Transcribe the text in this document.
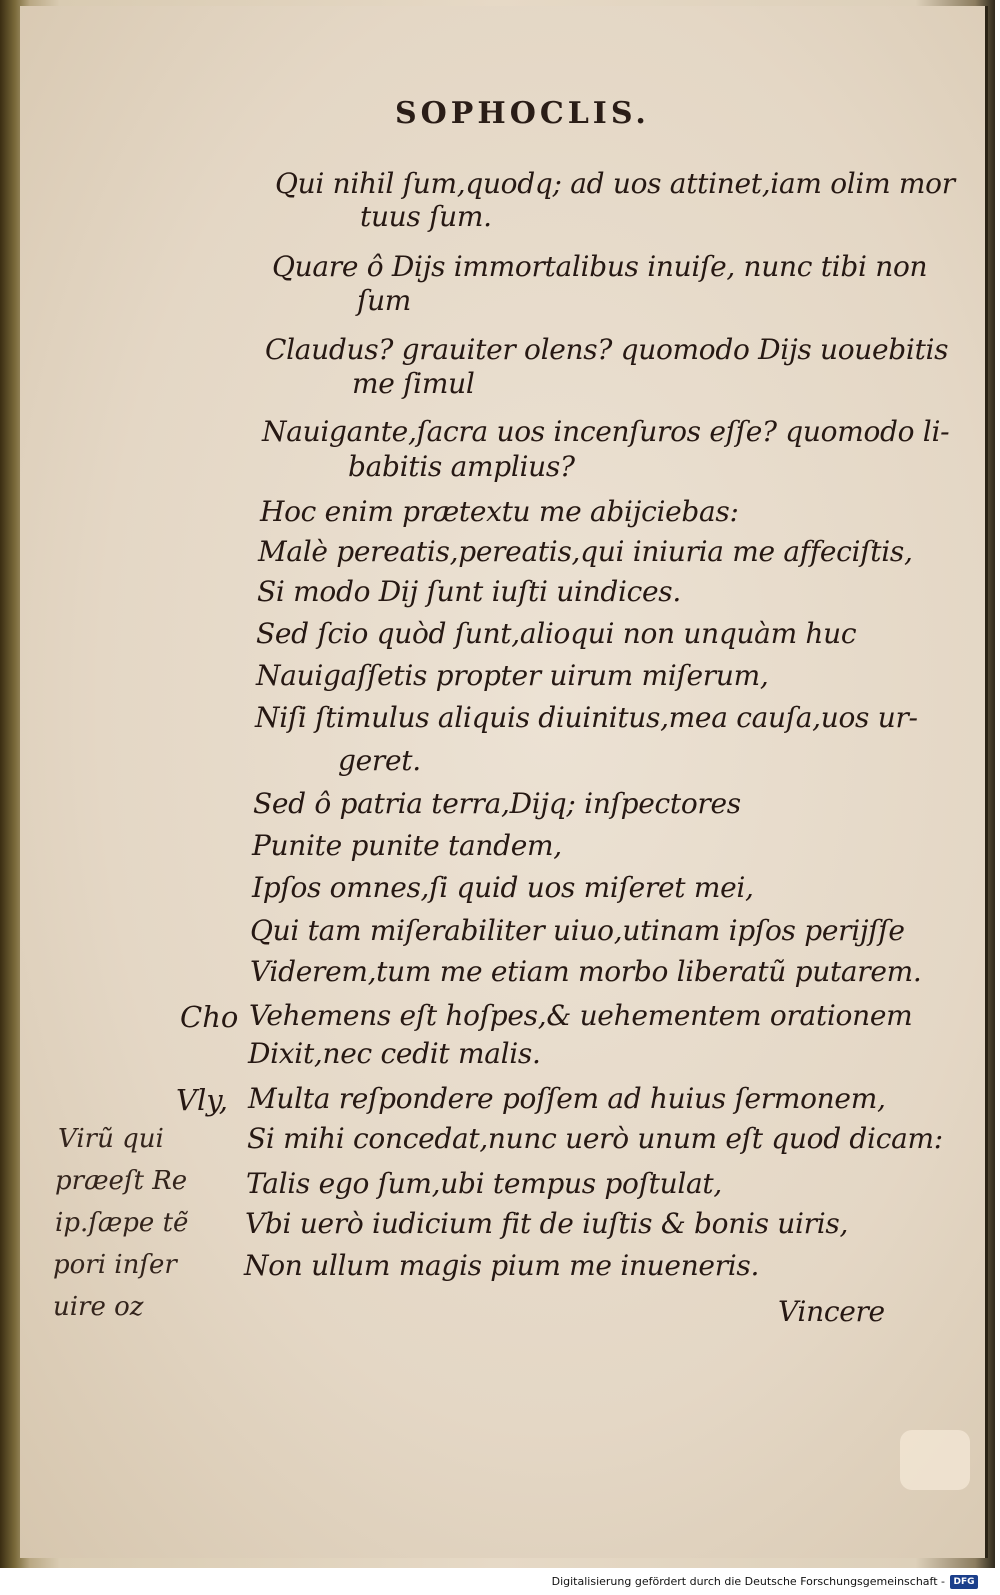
SOPHOCLIS.
Qui nihil ſum,quodq; ad uos attinet,iam olim mor
tuus ſum.
Quare ô Dijs immortalibus inuiſe, nunc tibi non
ſum
Claudus? grauiter olens? quomodo Dijs uouebitis
me ſimul
Nauigante,ſacra uos incenſuros eſſe? quomodo li-
babitis amplius?
Hoc enim prætextu me abijciebas:
Malè pereatis,pereatis,qui iniuria me affeciſtis,
Si modo Dij ſunt iuſti uindices.
Sed ſcio quòd ſunt,alioqui non unquàm huc
Nauigaſſetis propter uirum miſerum,
Niſi ſtimulus aliquis diuinitus,mea cauſa,uos ur-
geret.
Sed ô patria terra,Dijq; inſpectores
Punite punite tandem,
Ipſos omnes,ſi quid uos miſeret mei,
Qui tam miſerabiliter uiuo,utinam ipſos perijſſe
Viderem,tum me etiam morbo liberatũ putarem.
Vehemens eſt hoſpes,& uehementem orationem
Dixit,nec cedit malis.
Multa reſpondere poſſem ad huius ſermonem,
Si mihi concedat,nunc uerò unum eſt quod dicam:
Talis ego ſum,ubi tempus poſtulat,
Vbi uerò iudicium fit de iuſtis & bonis uiris,
Non ullum magis pium me inueneris.
Cho
Vly,
Virũ qui
præeſt Re
ip.ſæpe tẽ
pori inſer
uire oz	Vincere
Digitalisierung gefördert durch die Deutsche Forschungsgemeinschaft - DFG
